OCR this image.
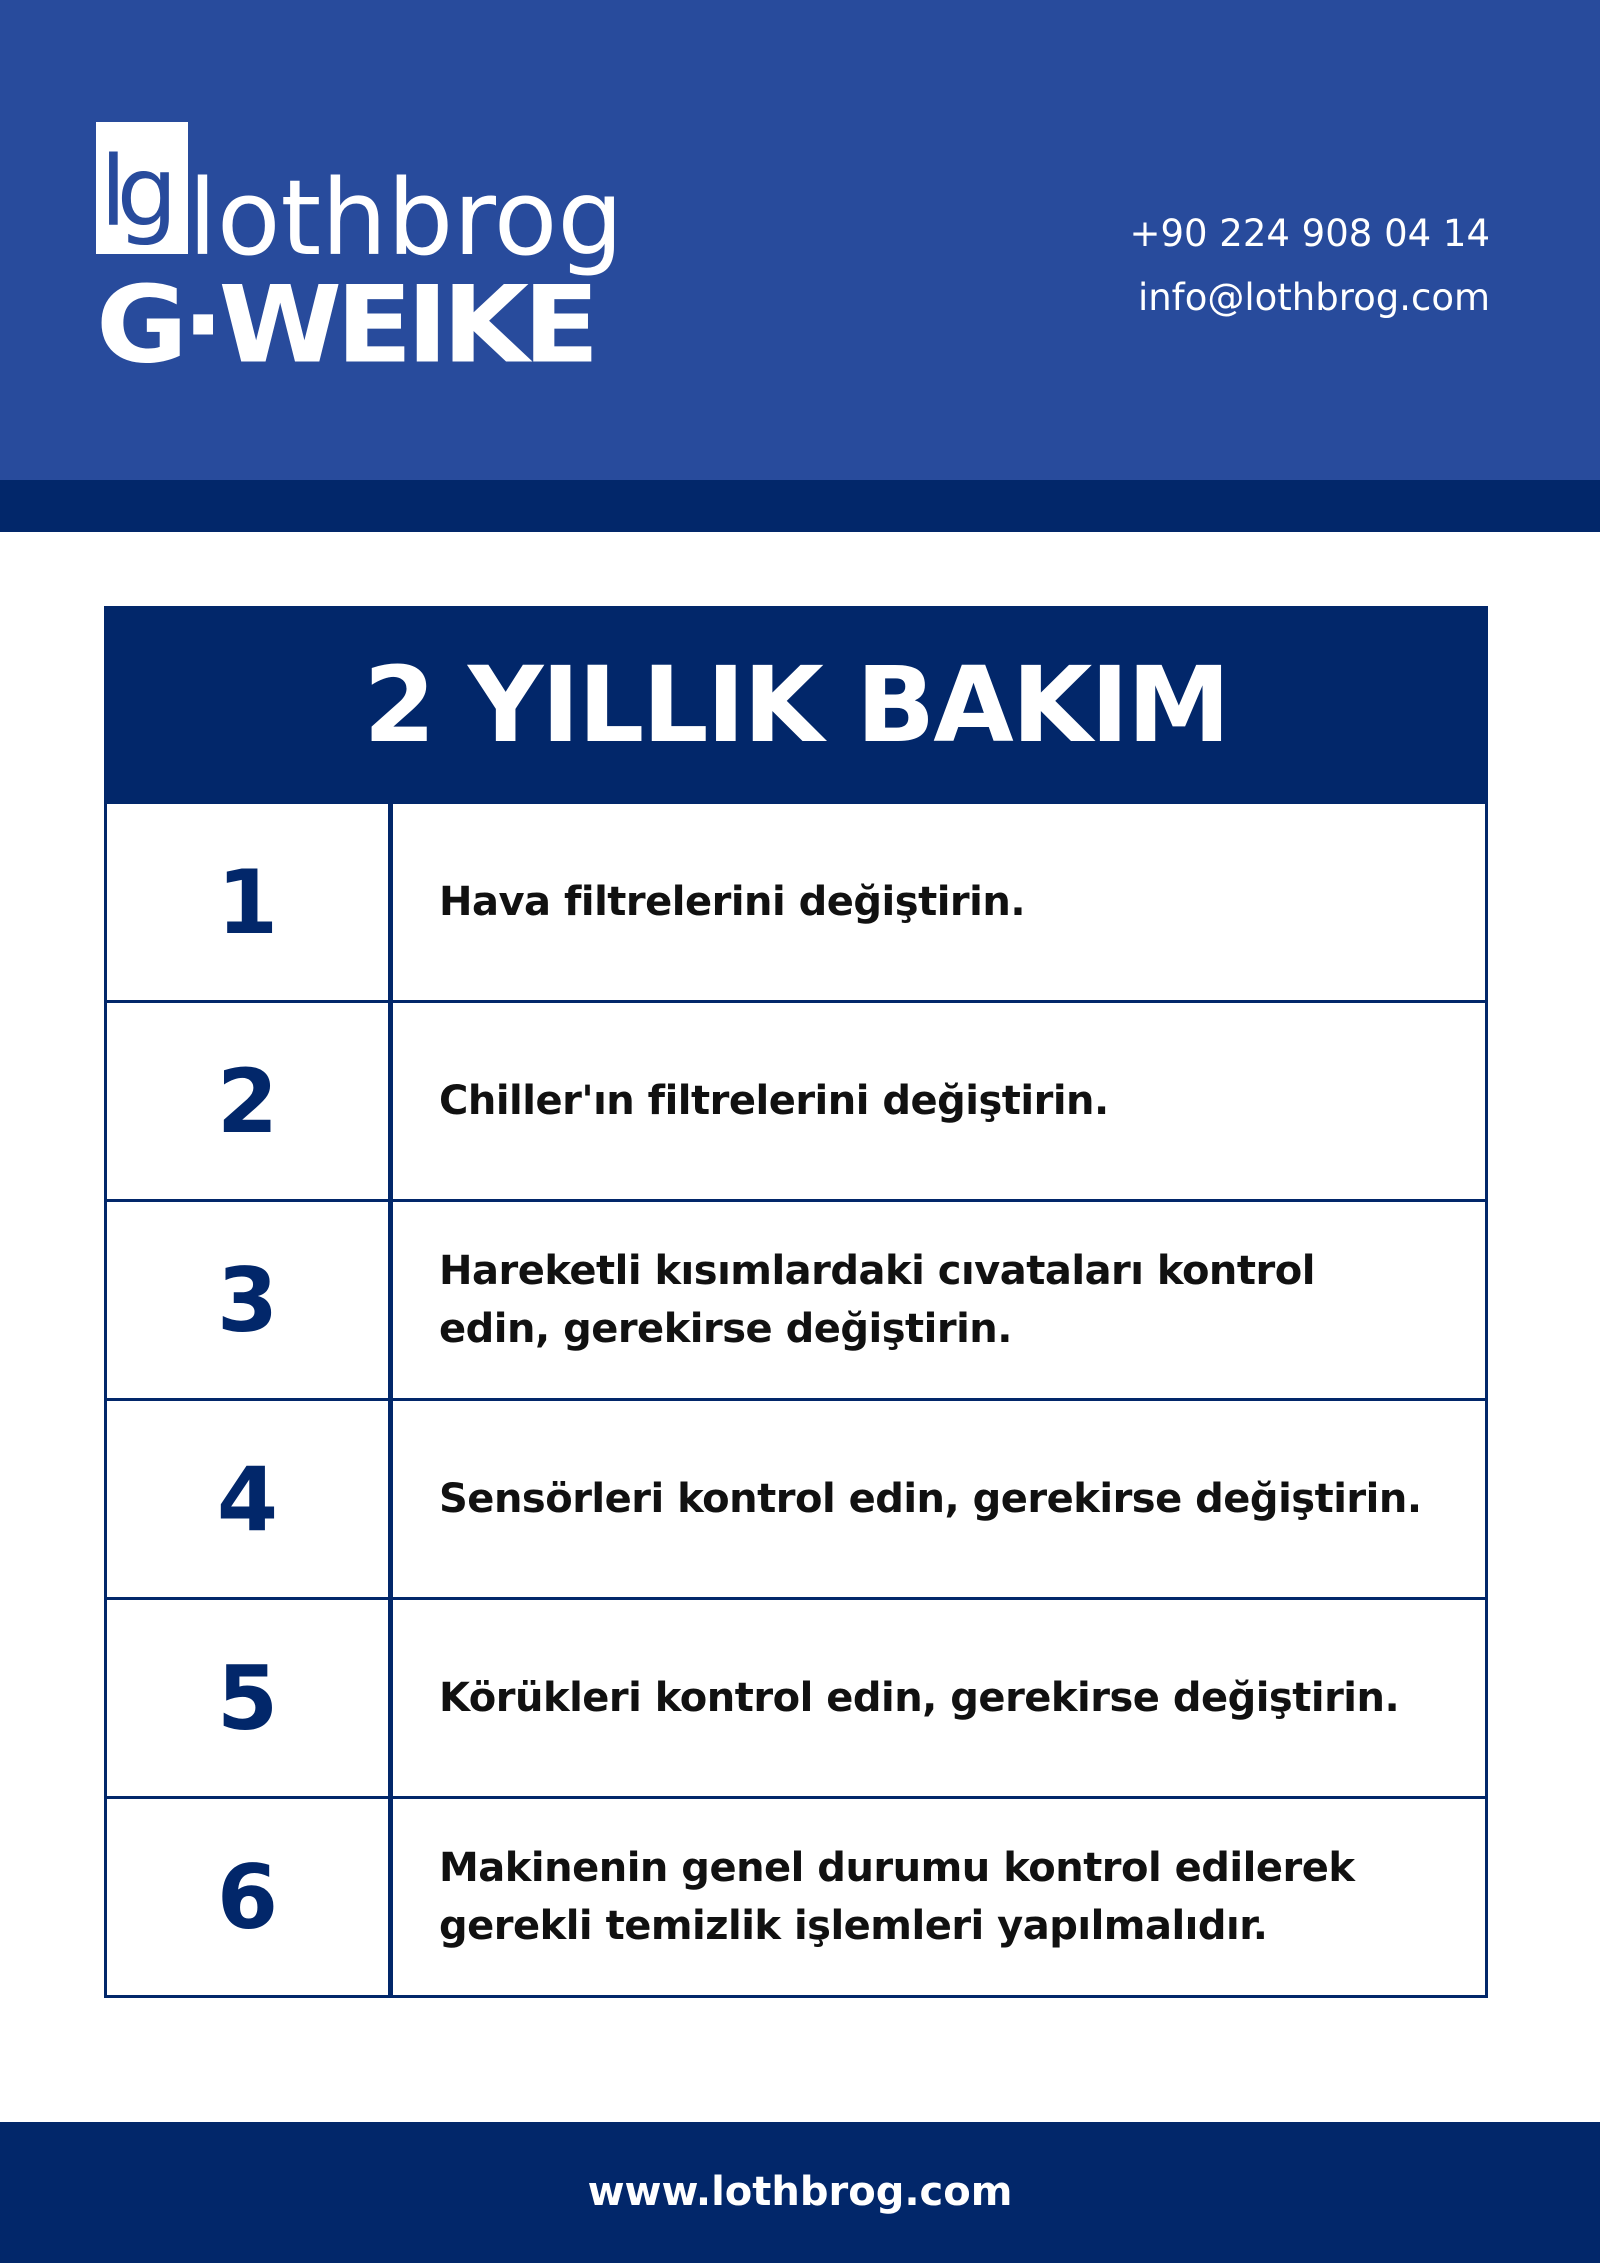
lg lothbrog
G·WEIKE
+90 224 908 04 14
info@lothbrog.com
2 YILLIK BAKIM
1	Hava filtrelerini değiştirin.
2	Chiller'ın filtrelerini değiştirin.
3	Hareketli kısımlardaki cıvataları kontrol edin, gerekirse değiştirin.
4	Sensörleri kontrol edin, gerekirse değiştirin.
5	Körükleri kontrol edin, gerekirse değiştirin.
6	Makinenin genel durumu kontrol edilerek gerekli temizlik işlemleri yapılmalıdır.
www.lothbrog.com
